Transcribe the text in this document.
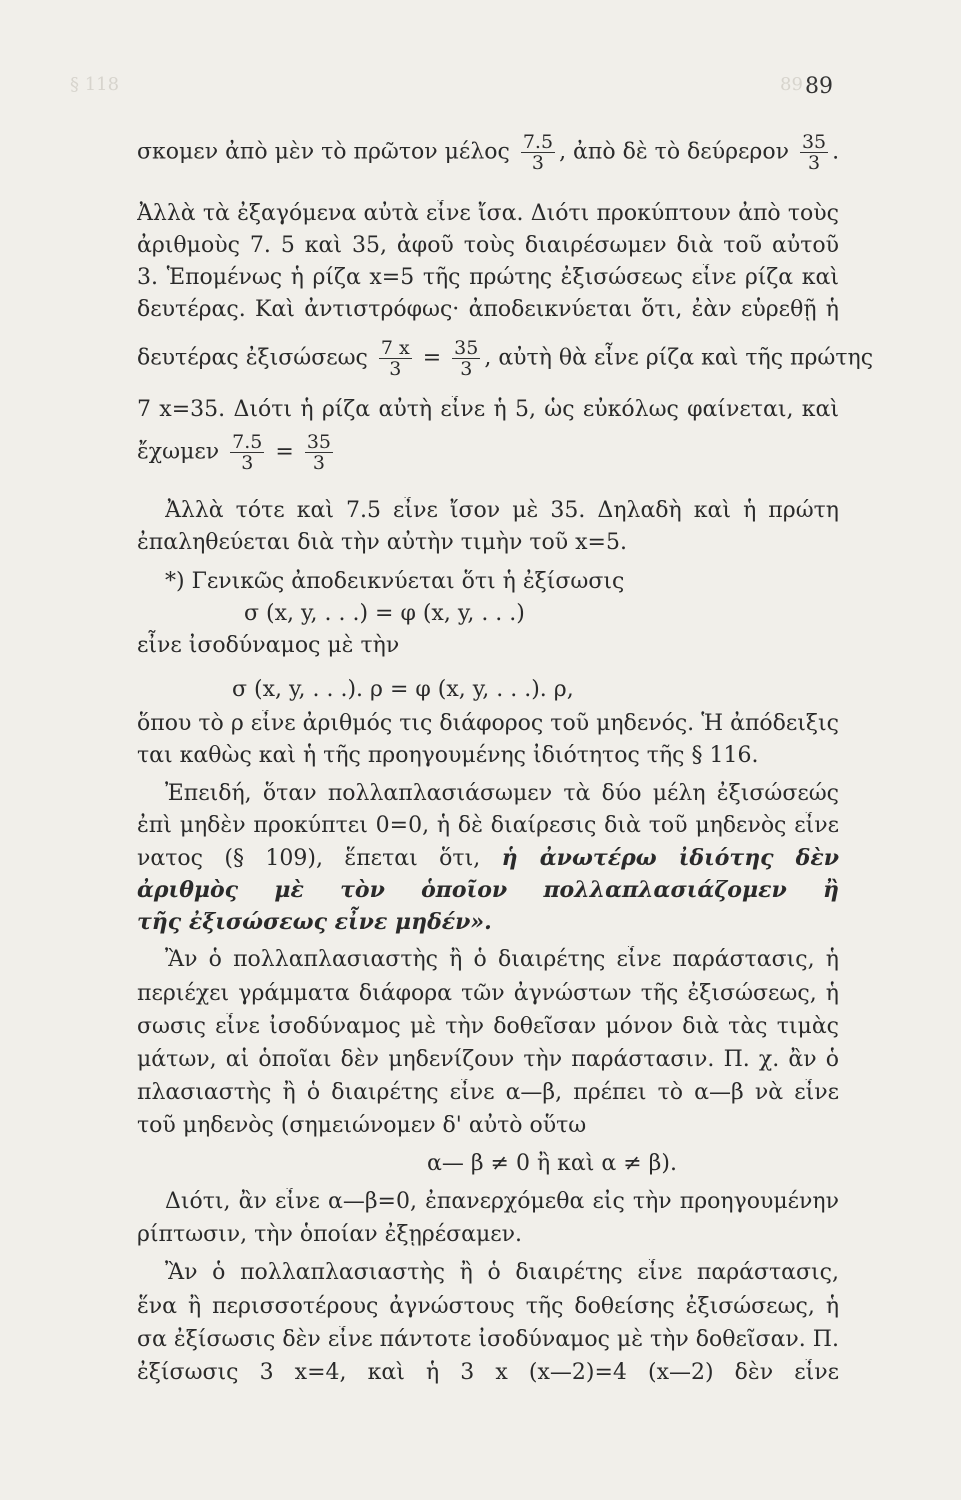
§ 118	89 89
σκομεν ἀπὸ μὲν τὸ πρῶτον μέλος $\frac{7.5}{3}$ , ἀπὸ δὲ τὸ δεύρερον $\frac{35}{3}$ .
Ἀλλὰ τὰ ἐξαγόμενα αὐτὰ εἶνε ἴσα. Διότι προκύπτουν ἀπὸ τοὺς
ἀριθμοὺς 7. 5 καὶ 35, ἀφοῦ τοὺς διαιρέσωμεν διὰ τοῦ αὐτοῦ
3. Ἑπομένως ἡ ρίζα x=5 τῆς πρώτης ἐξισώσεως εἶνε ρίζα καὶ
δευτέρας. Καὶ ἀντιστρόφως· ἀποδεικνύεται ὅτι, ἐὰν εὑρεθῇ ἡ
δευτέρας ἐξισώσεως $\frac{7 x}{3} = \frac{35}{3}$ , αὐτὴ θὰ εἶνε ρίζα καὶ τῆς πρώτης
7 x=35. Διότι ἡ ρίζα αὐτὴ εἶνε ἡ 5, ὡς εὐκόλως φαίνεται, καὶ
ἔχωμεν $\frac{7.5}{3} = \frac{35}{3}$
Ἀλλὰ τότε καὶ 7.5 εἶνε ἴσον μὲ 35. Δηλαδὴ καὶ ἡ πρώτη
ἐπαληθεύεται διὰ τὴν αὐτὴν τιμὴν τοῦ x=5.
*) Γενικῶς ἀποδεικνύεται ὅτι ἡ ἐξίσωσις
σ (x, y, . . .) = φ (x, y, . . .)
εἶνε ἰσοδύναμος μὲ τὴν
σ (x, y, . . .). ρ = φ (x, y, . . .). ρ,
ὅπου τὸ ρ εἶνε ἀριθμός τις διάφορος τοῦ μηδενός. Ἡ ἀπόδειξις
ται καθὼς καὶ ἡ τῆς προηγουμένης ἰδιότητος τῆς § 116.
Ἐπειδή, ὅταν πολλαπλασιάσωμεν τὰ δύο μέλη ἐξισώσεώς
ἐπὶ μηδὲν προκύπτει 0=0, ἡ δὲ διαίρεσις διὰ τοῦ μηδενὸς εἶνε
νατος (§ 109), ἕπεται ὅτι, ἡ ἀνωτέρω ἰδιότης δὲν
ἀριθμὸς μὲ τὸν ὁποῖον πολλαπλασιάζομεν ἢ
τῆς ἐξισώσεως εἶνε μηδέν».
Ἂν ὁ πολλαπλασιαστὴς ἢ ὁ διαιρέτης εἶνε παράστασις, ἡ
περιέχει γράμματα διάφορα τῶν ἀγνώστων τῆς ἐξισώσεως, ἡ
σωσις εἶνε ἰσοδύναμος μὲ τὴν δοθεῖσαν μόνον διὰ τὰς τιμὰς
μάτων, αἱ ὁποῖαι δὲν μηδενίζουν τὴν παράστασιν. Π. χ. ἂν ὁ
πλασιαστὴς ἢ ὁ διαιρέτης εἶνε α—β, πρέπει τὸ α—β νὰ εἶνε
τοῦ μηδενὸς (σημειώνομεν δ' αὐτὸ οὕτω
α— β ≠ 0 ἢ καὶ α ≠ β).
Διότι, ἂν εἶνε α—β=0, ἐπανερχόμεθα εἰς τὴν προηγουμένην
ρίπτωσιν, τὴν ὁποίαν ἐξῃρέσαμεν.
Ἂν ὁ πολλαπλασιαστὴς ἢ ὁ διαιρέτης εἶνε παράστασις,
ἕνα ἢ περισσοτέρους ἀγνώστους τῆς δοθείσης ἐξισώσεως, ἡ
σα ἐξίσωσις δὲν εἶνε πάντοτε ἰσοδύναμος μὲ τὴν δοθεῖσαν. Π.
ἐξίσωσις 3 x=4, καὶ ἡ 3 x (x—2)=4 (x—2) δὲν εἶνε
